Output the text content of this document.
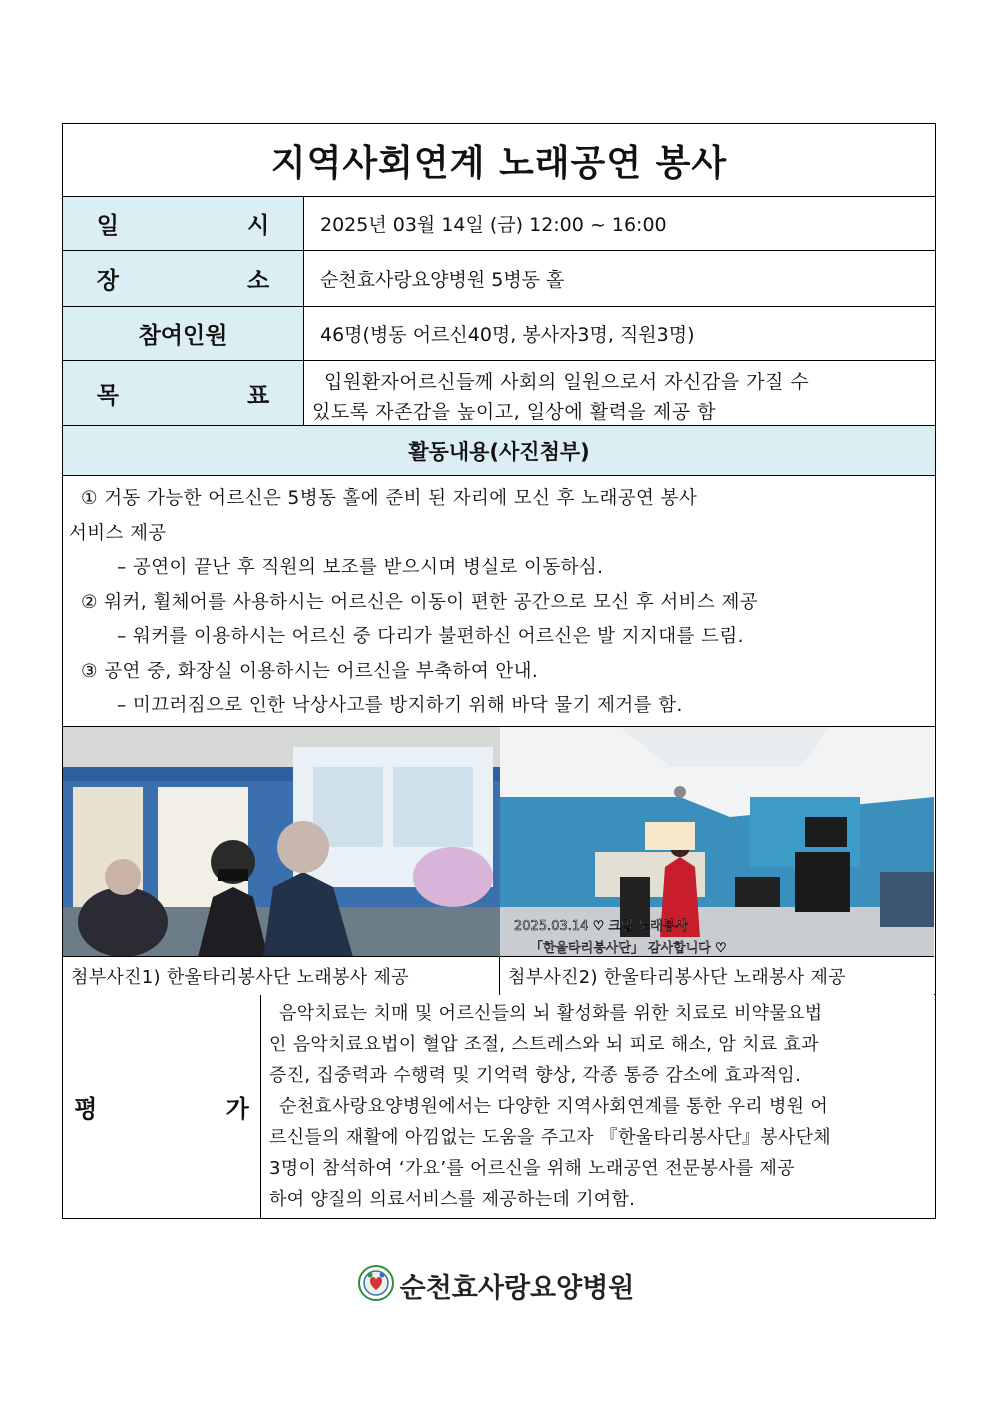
지역사회연계 노래공연 봉사
일 시
2025년 03월 14일 (금) 12:00 ~ 16:00
장 소
순천효사랑요양병원 5병동 홀
참여인원	46명(병동 어르신40명, 봉사자3명, 직원3명)
목 표
입원환자어르신들께 사회의 일원으로서 자신감을 가질 수
있도록 자존감을 높이고, 일상에 활력을 제공 함
활동내용(사진첨부)
① 거동 가능한 어르신은 5병동 홀에 준비 된 자리에 모신 후 노래공연 봉사
서비스 제공
– 공연이 끝난 후 직원의 보조를 받으시며 병실로 이동하심.
② 워커, 휠체어를 사용하시는 어르신은 이동이 편한 공간으로 모신 후 서비스 제공
– 워커를 이용하시는 어르신 중 다리가 불편하신 어르신은 발 지지대를 드림.
③ 공연 중, 화장실 이용하시는 어르신을 부축하여 안내.
– 미끄러짐으로 인한 낙상사고를 방지하기 위해 바닥 물기 제거를 함.
첨부사진1) 한울타리봉사단 노래봉사 제공
2025.03.14 ♡ 크얼 노래봉사
「한울타리봉사단」 감사합니다 ♡
첨부사진2) 한울타리봉사단 노래봉사 제공
평 가
음악치료는 치매 및 어르신들의 뇌 활성화를 위한 치료로 비약물요법
인 음악치료요법이 혈압 조절, 스트레스와 뇌 피로 해소, 암 치료 효과
증진, 집중력과 수행력 및 기억력 향상, 각종 통증 감소에 효과적임.
순천효사랑요양병원에서는 다양한 지역사회연계를 통한 우리 병원 어
르신들의 재활에 아낌없는 도움을 주고자 『한울타리봉사단』봉사단체
3명이 참석하여 ‘가요’를 어르신을 위해 노래공연 전문봉사를 제공
하여 양질의 의료서비스를 제공하는데 기여함.
순천효사랑요양병원
